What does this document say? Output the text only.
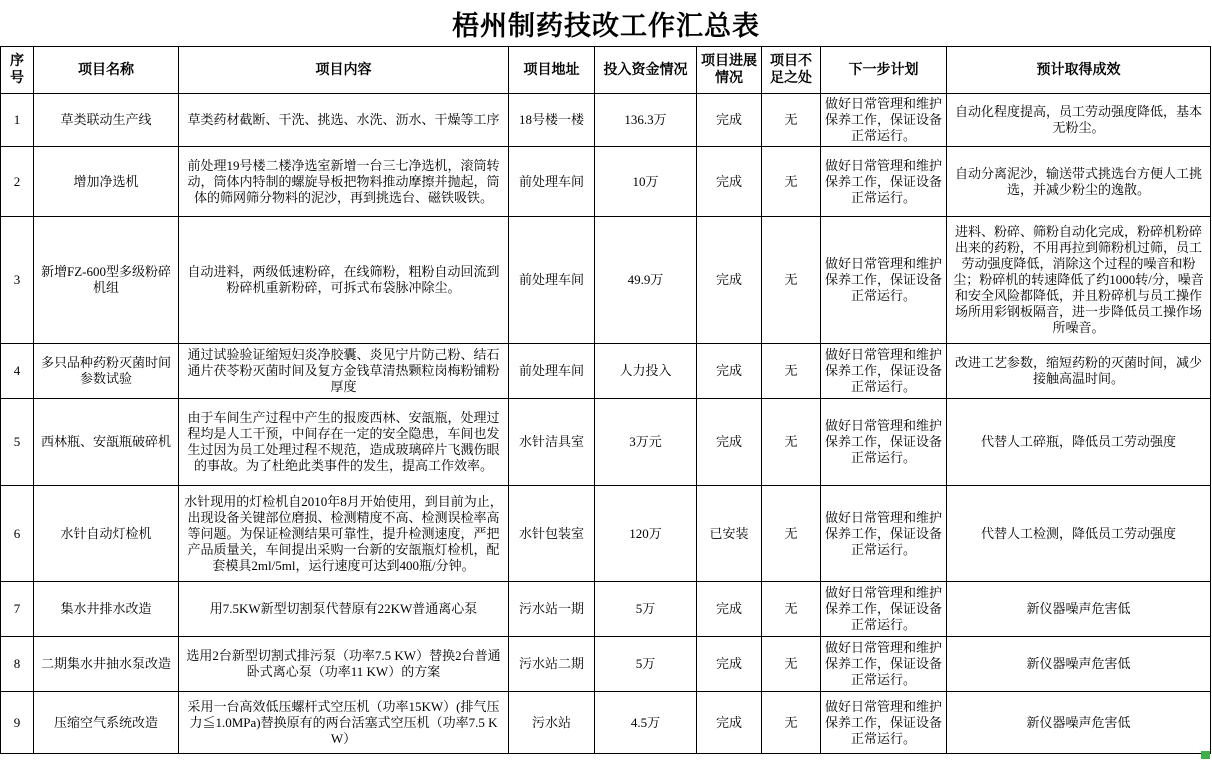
梧州制药技改工作汇总表
序号	项目名称	项目内容	项目地址	投入资金情况	项目进展情况	项目不足之处	下一步计划	预计取得成效
1	草类联动生产线	草类药材截断、干洗、挑选、水洗、沥水、干燥等工序	18号楼一楼	136.3万	完成	无	做好日常管理和维护保养工作，保证设备正常运行。	自动化程度提高，员工劳动强度降低，基本无粉尘。
2	增加净选机	前处理19号楼二楼净选室新增一台三七净选机，滚筒转动，筒体内特制的螺旋导板把物料推动摩擦并抛起，筒体的筛网筛分物料的泥沙，再到挑选台、磁铁吸铁。	前处理车间	10万	完成	无	做好日常管理和维护保养工作，保证设备正常运行。	自动分离泥沙，输送带式挑选台方便人工挑选，并减少粉尘的逸散。
3	新增FZ-600型多级粉碎机组	自动进料，两级低速粉碎，在线筛粉，粗粉自动回流到粉碎机重新粉碎，可拆式布袋脉冲除尘。	前处理车间	49.9万	完成	无	做好日常管理和维护保养工作，保证设备正常运行。	进料、粉碎、筛粉自动化完成，粉碎机粉碎出来的药粉，不用再拉到筛粉机过筛，员工劳动强度降低，消除这个过程的噪音和粉尘；粉碎机的转速降低了约1000转/分，噪音和安全风险都降低，并且粉碎机与员工操作场所用彩钢板隔音，进一步降低员工操作场所噪音。
4	多只品种药粉灭菌时间参数试验	通过试验验证缩短妇炎净胶囊、炎见宁片防己粉、结石通片茯苓粉灭菌时间及复方金钱草清热颗粒岗梅粉铺粉厚度	前处理车间	人力投入	完成	无	做好日常管理和维护保养工作，保证设备正常运行。	改进工艺参数，缩短药粉的灭菌时间，减少接触高温时间。
5	西林瓶、安瓿瓶破碎机	由于车间生产过程中产生的报废西林、安瓿瓶，处理过程均是人工干预，中间存在一定的安全隐患，车间也发生过因为员工处理过程不规范，造成玻璃碎片飞溅伤眼的事故。为了杜绝此类事件的发生，提高工作效率。	水针洁具室	3万元	完成	无	做好日常管理和维护保养工作，保证设备正常运行。	代替人工碎瓶，降低员工劳动强度
6	水针自动灯检机	水针现用的灯检机自2010年8月开始使用，到目前为止，出现设备关键部位磨损、检测精度不高、检测误检率高等问题。为保证检测结果可靠性，提升检测速度，严把产品质量关，车间提出采购一台新的安瓿瓶灯检机，配套模具2ml/5ml，运行速度可达到400瓶/分钟。	水针包装室	120万	已安装	无	做好日常管理和维护保养工作，保证设备正常运行。	代替人工检测，降低员工劳动强度
7	集水井排水改造	用7.5KW新型切割泵代替原有22KW普通离心泵	污水站一期	5万	完成	无	做好日常管理和维护保养工作，保证设备正常运行。	新仪器噪声危害低
8	二期集水井抽水泵改造	选用2台新型切割式排污泵（功率7.5 KW）替换2台普通卧式离心泵（功率11 KW）的方案	污水站二期	5万	完成	无	做好日常管理和维护保养工作，保证设备正常运行。	新仪器噪声危害低
9	压缩空气系统改造	采用一台高效低压螺杆式空压机（功率15KW）(排气压力≦1.0MPa)替换原有的两台活塞式空压机（功率7.5 KW）	污水站	4.5万	完成	无	做好日常管理和维护保养工作，保证设备正常运行。	新仪器噪声危害低
